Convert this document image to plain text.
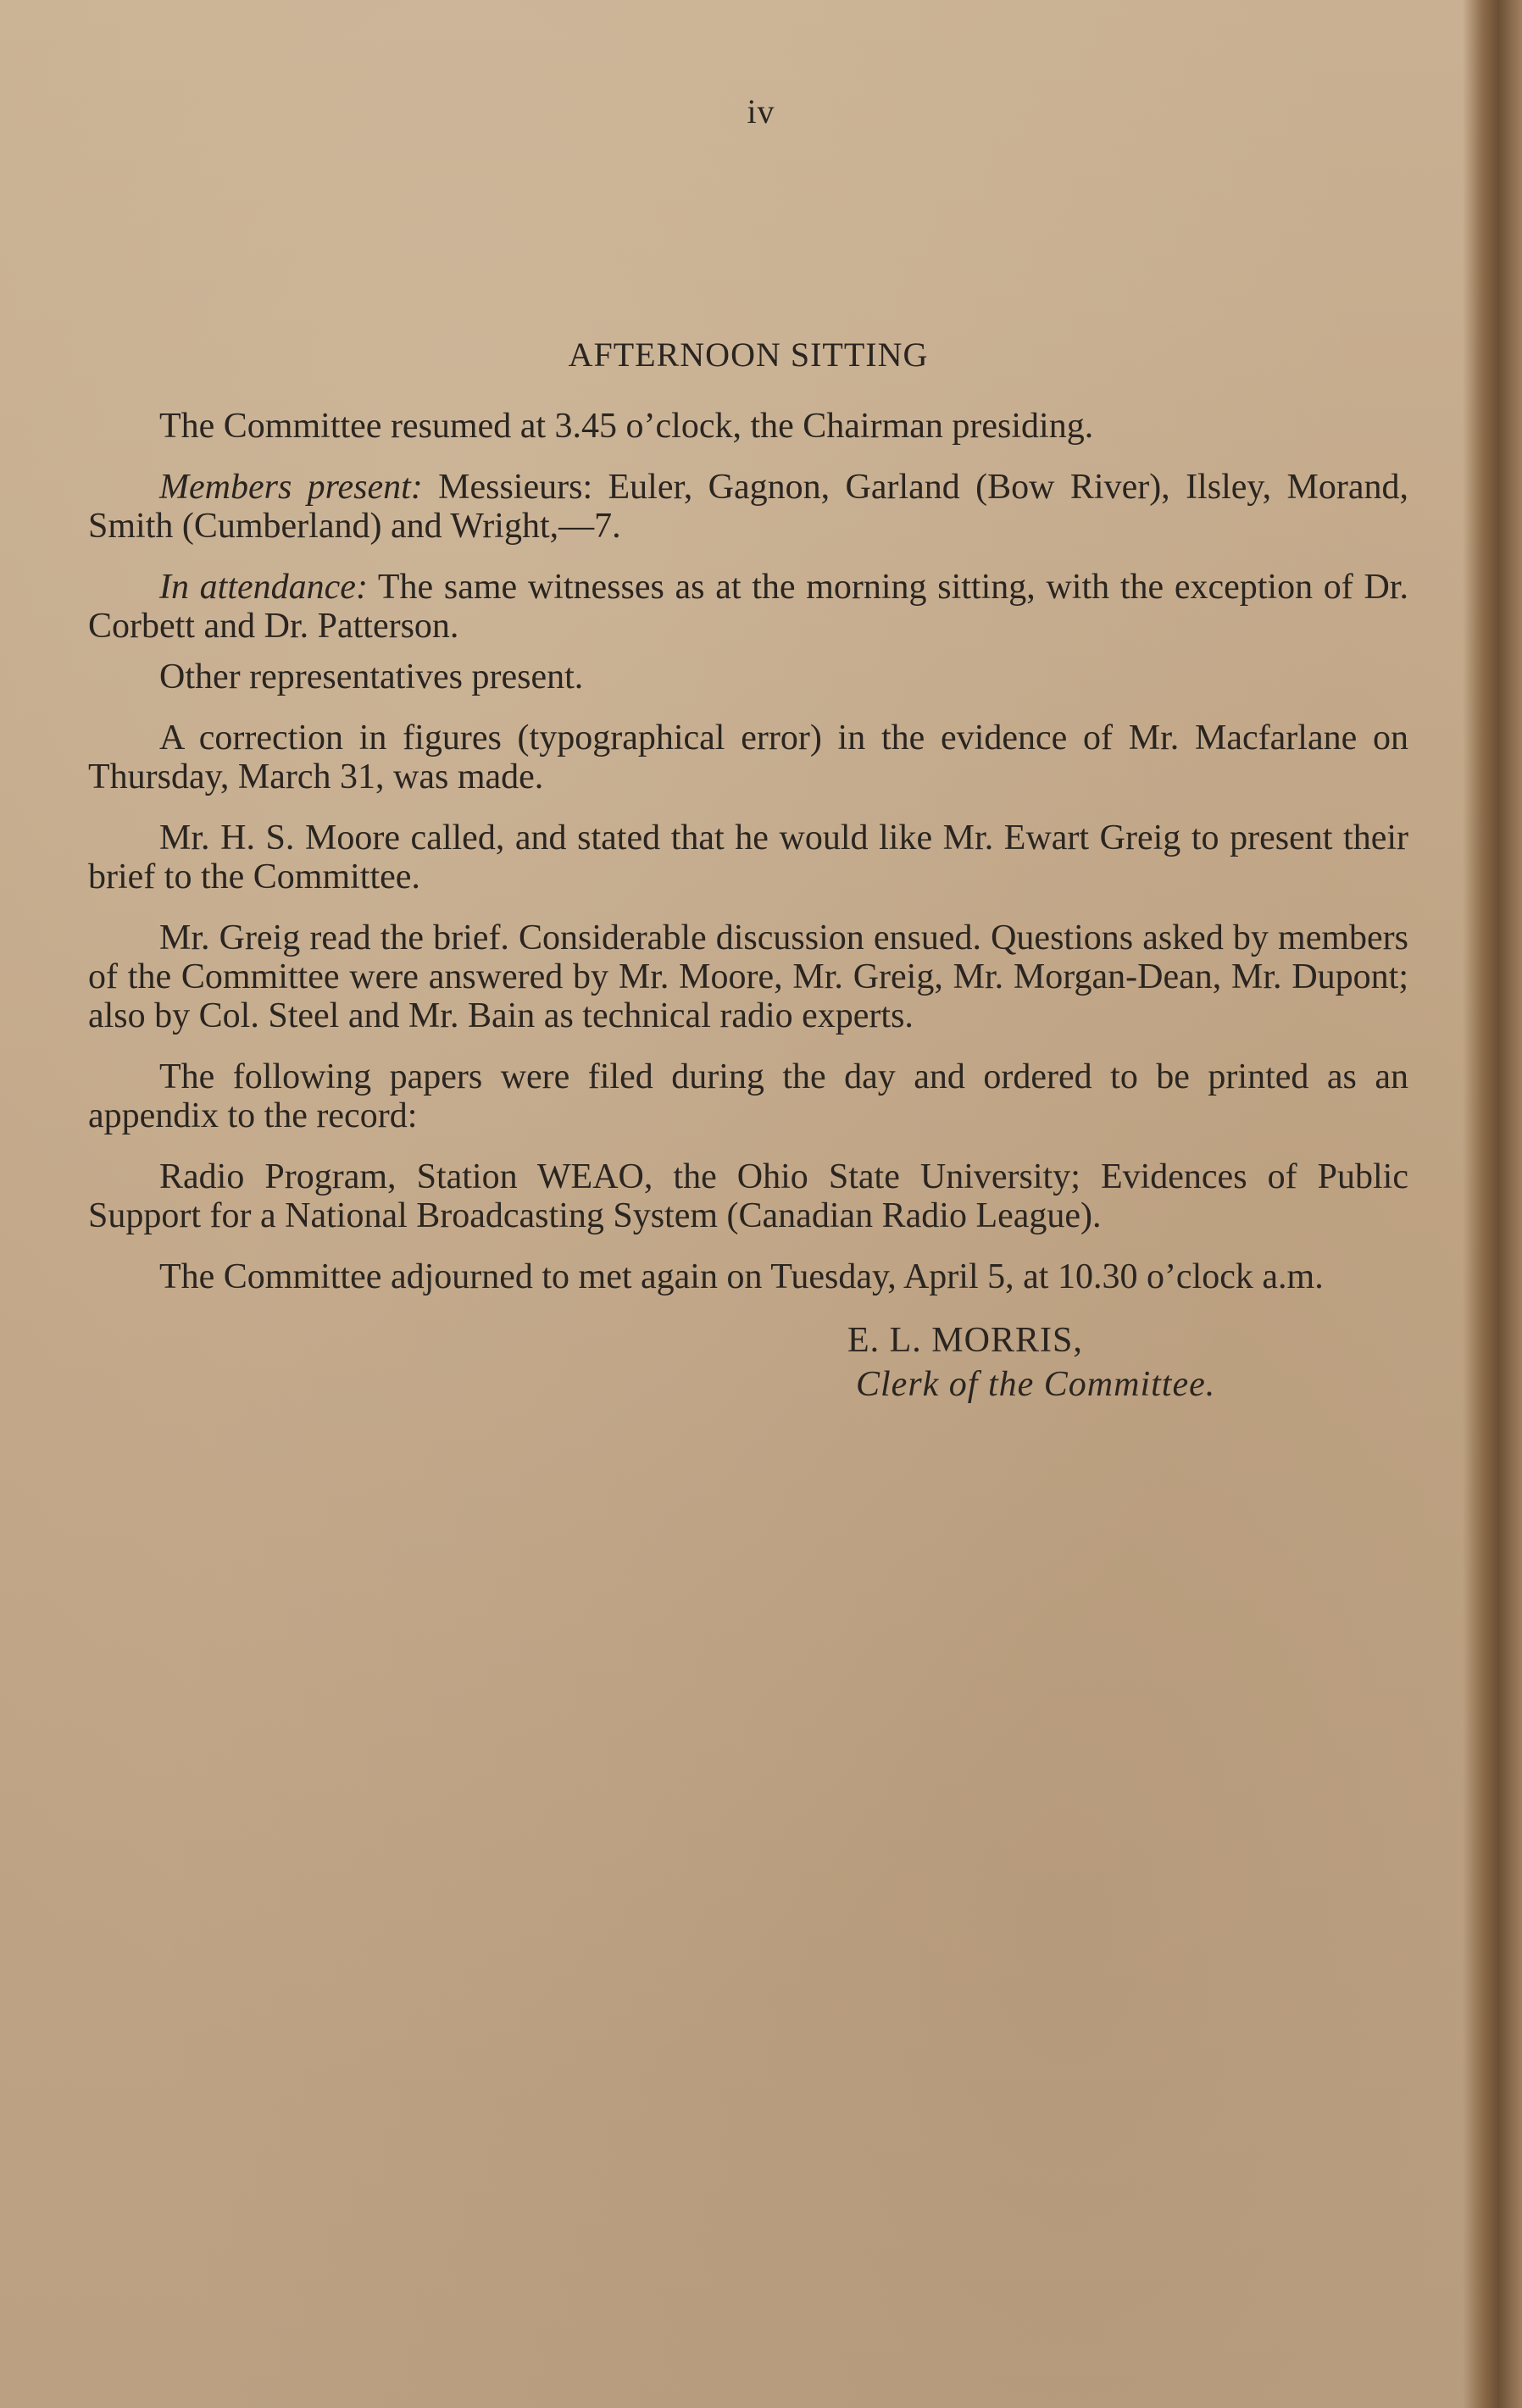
iv
AFTERNOON SITTING

The Committee resumed at 3.45 o’clock, the Chairman presiding.

Members present: Messieurs: Euler, Gagnon, Garland (Bow River), Ilsley, Morand, Smith (Cumberland) and Wright,—7.

In attendance: The same witnesses as at the morning sitting, with the exception of Dr. Corbett and Dr. Patterson.

Other representatives present.

A correction in figures (typographical error) in the evidence of Mr. Macfarlane on Thursday, March 31, was made.

Mr. H. S. Moore called, and stated that he would like Mr. Ewart Greig to present their brief to the Committee.

Mr. Greig read the brief. Considerable discussion ensued. Questions asked by members of the Committee were answered by Mr. Moore, Mr. Greig, Mr. Morgan-Dean, Mr. Dupont; also by Col. Steel and Mr. Bain as technical radio experts.

The following papers were filed during the day and ordered to be printed as an appendix to the record:

Radio Program, Station WEAO, the Ohio State University; Evidences of Public Support for a National Broadcasting System (Canadian Radio League).

The Committee adjourned to met again on Tuesday, April 5, at 10.30 o’clock a.m.

E. L. MORRIS,
Clerk of the Committee.
